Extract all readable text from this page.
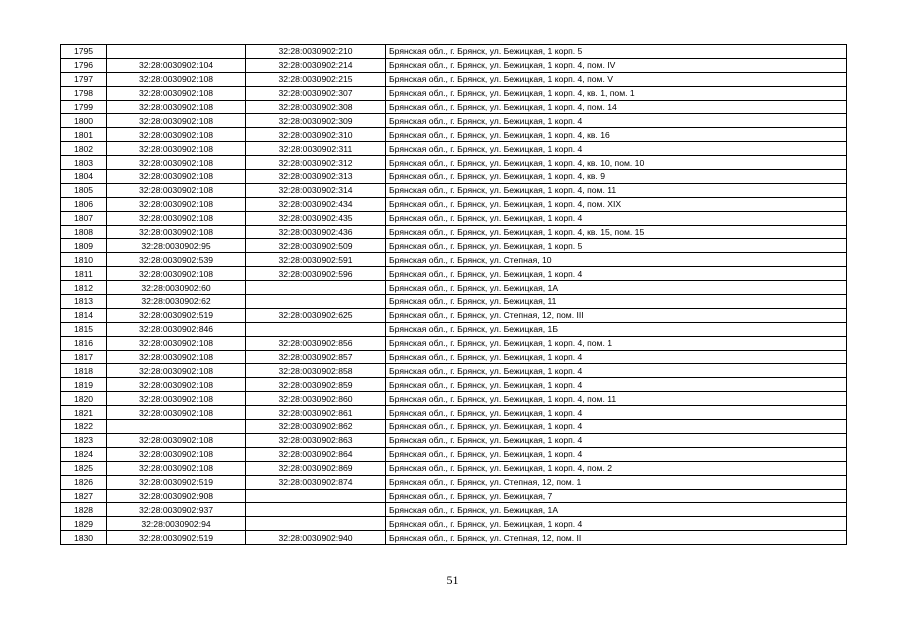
1795		32:28:0030902:210	Брянская обл., г. Брянск, ул. Бежицкая, 1 корп. 5
1796	32:28:0030902:104	32:28:0030902:214	Брянская обл., г. Брянск, ул. Бежицкая, 1 корп. 4, пом. IV
1797	32:28:0030902:108	32:28:0030902:215	Брянская обл., г. Брянск, ул. Бежицкая, 1 корп. 4, пом. V
1798	32:28:0030902:108	32:28:0030902:307	Брянская обл., г. Брянск, ул. Бежицкая, 1 корп. 4, кв. 1, пом. 1
1799	32:28:0030902:108	32:28:0030902:308	Брянская обл., г. Брянск, ул. Бежицкая, 1 корп. 4, пом. 14
1800	32:28:0030902:108	32:28:0030902:309	Брянская обл., г. Брянск, ул. Бежицкая, 1 корп. 4
1801	32:28:0030902:108	32:28:0030902:310	Брянская обл., г. Брянск, ул. Бежицкая, 1 корп. 4, кв. 16
1802	32:28:0030902:108	32:28:0030902:311	Брянская обл., г. Брянск, ул. Бежицкая, 1 корп. 4
1803	32:28:0030902:108	32:28:0030902:312	Брянская обл., г. Брянск, ул. Бежицкая, 1 корп. 4, кв. 10, пом. 10
1804	32:28:0030902:108	32:28:0030902:313	Брянская обл., г. Брянск, ул. Бежицкая, 1 корп. 4, кв. 9
1805	32:28:0030902:108	32:28:0030902:314	Брянская обл., г. Брянск, ул. Бежицкая, 1 корп. 4, пом. 11
1806	32:28:0030902:108	32:28:0030902:434	Брянская обл., г. Брянск, ул. Бежицкая, 1 корп. 4, пом. XIX
1807	32:28:0030902:108	32:28:0030902:435	Брянская обл., г. Брянск, ул. Бежицкая, 1 корп. 4
1808	32:28:0030902:108	32:28:0030902:436	Брянская обл., г. Брянск, ул. Бежицкая, 1 корп. 4, кв. 15, пом. 15
1809	32:28:0030902:95	32:28:0030902:509	Брянская обл., г. Брянск, ул. Бежицкая, 1 корп. 5
1810	32:28:0030902:539	32:28:0030902:591	Брянская обл., г. Брянск, ул. Степная, 10
1811	32:28:0030902:108	32:28:0030902:596	Брянская обл., г. Брянск, ул. Бежицкая, 1 корп. 4
1812	32:28:0030902:60		Брянская обл., г. Брянск, ул. Бежицкая, 1А
1813	32:28:0030902:62		Брянская обл., г. Брянск, ул. Бежицкая, 11
1814	32:28:0030902:519	32:28:0030902:625	Брянская обл., г. Брянск, ул. Степная, 12, пом. III
1815	32:28:0030902:846		Брянская обл., г. Брянск, ул. Бежицкая, 1Б
1816	32:28:0030902:108	32:28:0030902:856	Брянская обл., г. Брянск, ул. Бежицкая, 1 корп. 4, пом. 1
1817	32:28:0030902:108	32:28:0030902:857	Брянская обл., г. Брянск, ул. Бежицкая, 1 корп. 4
1818	32:28:0030902:108	32:28:0030902:858	Брянская обл., г. Брянск, ул. Бежицкая, 1 корп. 4
1819	32:28:0030902:108	32:28:0030902:859	Брянская обл., г. Брянск, ул. Бежицкая, 1 корп. 4
1820	32:28:0030902:108	32:28:0030902:860	Брянская обл., г. Брянск, ул. Бежицкая, 1 корп. 4, пом. 11
1821	32:28:0030902:108	32:28:0030902:861	Брянская обл., г. Брянск, ул. Бежицкая, 1 корп. 4
1822		32:28:0030902:862	Брянская обл., г. Брянск, ул. Бежицкая, 1 корп. 4
1823	32:28:0030902:108	32:28:0030902:863	Брянская обл., г. Брянск, ул. Бежицкая, 1 корп. 4
1824	32:28:0030902:108	32:28:0030902:864	Брянская обл., г. Брянск, ул. Бежицкая, 1 корп. 4
1825	32:28:0030902:108	32:28:0030902:869	Брянская обл., г. Брянск, ул. Бежицкая, 1 корп. 4, пом. 2
1826	32:28:0030902:519	32:28:0030902:874	Брянская обл., г. Брянск, ул. Степная, 12, пом. 1
1827	32:28:0030902:908		Брянская обл., г. Брянск, ул. Бежицкая, 7
1828	32:28:0030902:937		Брянская обл., г. Брянск, ул. Бежицкая, 1А
1829	32:28:0030902:94		Брянская обл., г. Брянск, ул. Бежицкая, 1 корп. 4
1830	32:28:0030902:519	32:28:0030902:940	Брянская обл., г. Брянск, ул. Степная, 12, пом. II
51
